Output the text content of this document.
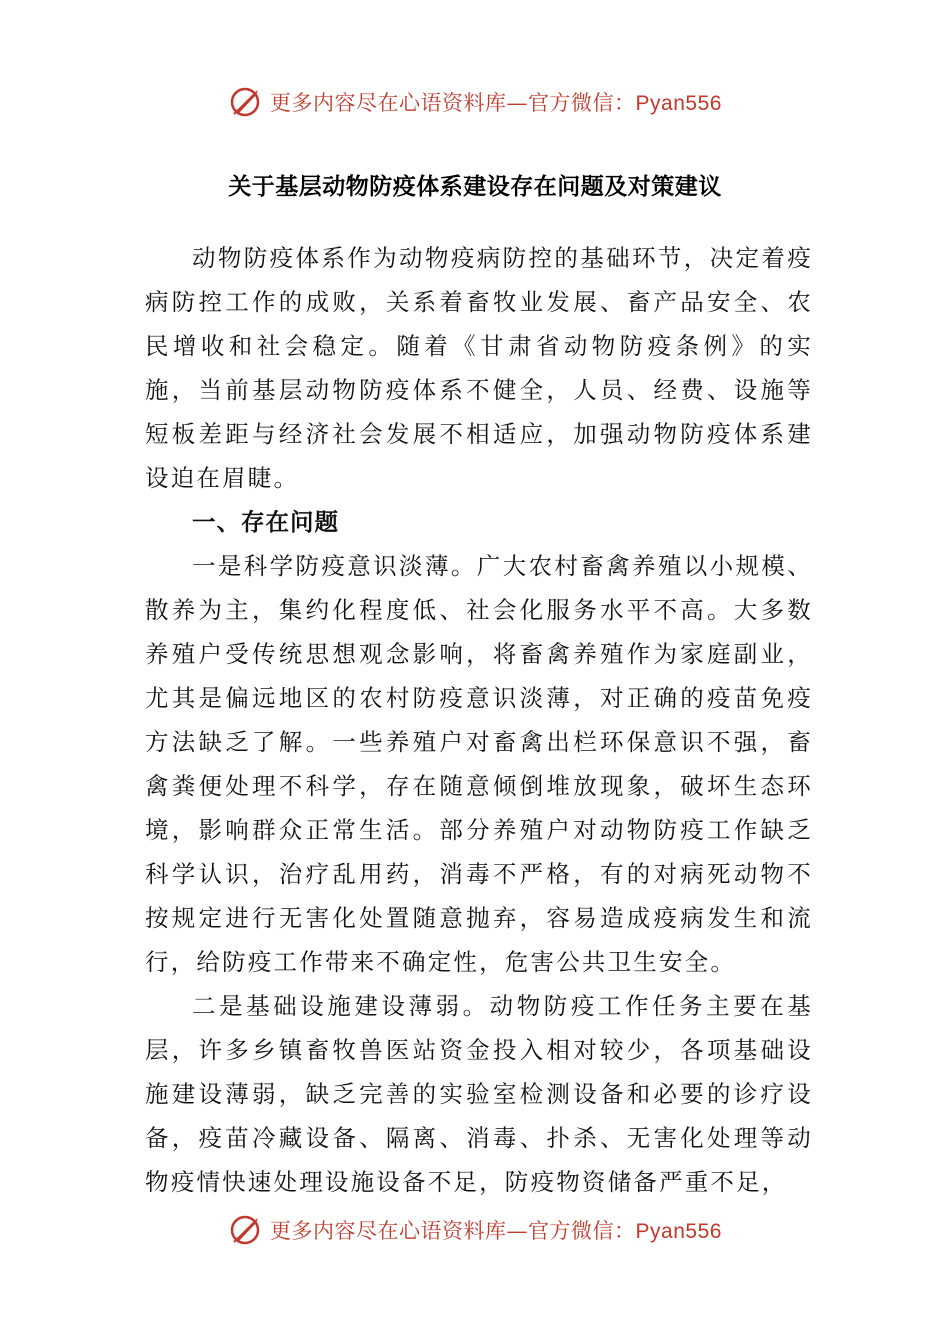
更多内容尽在心语资料库—官方微信：Pyan556
关于基层动物防疫体系建设存在问题及对策建议

动物防疫体系作为动物疫病防控的基础环节，决定着疫病防控工作的成败，关系着畜牧业发展、畜产品安全、农民增收和社会稳定。随着《甘肃省动物防疫条例》的实施，当前基层动物防疫体系不健全，人员、经费、设施等短板差距与经济社会发展不相适应，加强动物防疫体系建设迫在眉睫。

一、存在问题

一是科学防疫意识淡薄。广大农村畜禽养殖以小规模、散养为主，集约化程度低、社会化服务水平不高。大多数养殖户受传统思想观念影响，将畜禽养殖作为家庭副业，尤其是偏远地区的农村防疫意识淡薄，对正确的疫苗免疫方法缺乏了解。一些养殖户对畜禽出栏环保意识不强，畜禽粪便处理不科学，存在随意倾倒堆放现象，破坏生态环境，影响群众正常生活。部分养殖户对动物防疫工作缺乏科学认识，治疗乱用药，消毒不严格，有的对病死动物不按规定进行无害化处置随意抛弃，容易造成疫病发生和流行，给防疫工作带来不确定性，危害公共卫生安全。

二是基础设施建设薄弱。动物防疫工作任务主要在基层，许多乡镇畜牧兽医站资金投入相对较少，各项基础设施建设薄弱，缺乏完善的实验室检测设备和必要的诊疗设备，疫苗冷藏设备、隔离、消毒、扑杀、无害化处理等动物疫情快速处理设施设备不足，防疫物资储备严重不足，

更多内容尽在心语资料库—官方微信：Pyan556
